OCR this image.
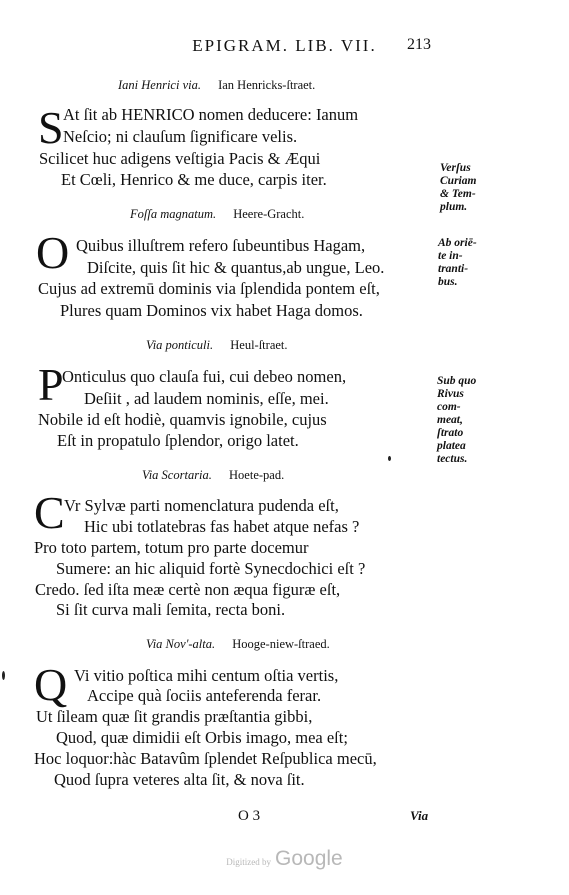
EPIGRAM. LIB. VII.	213
Iani Henrici via. Ian Henricks-ſtraet.
S At ſit ab HENRICO nomen deducere: Ianum
Neſcio; ni clauſum ſignificare velis.
Scilicet huc adigens veſtigia Pacis & Æqui
Et Cœli, Henrico & me duce, carpis iter.
Foſſa magnatum. Heere-Gracht.
O Quibus illuſtrem refero ſubeuntibus Hagam,
Diſcite, quis ſit hic & quantus,ab ungue, Leo.
Cujus ad extremū dominis via ſplendida pontem eſt,
Plures quam Dominos vix habet Haga domos.
Via ponticuli. Heul-ſtraet.
P
Onticulus quo clauſa fui, cui debeo nomen,
Deſiit , ad laudem nominis, eſſe, mei.
Nobile id eſt hodiè, quamvis ignobile, cujus
Eſt in propatulo ſplendor, origo latet.
Via Scortaria. Hoete-pad.
C Vr Sylvæ parti nomenclatura pudenda eſt,
Hic ubi totlatebras fas habet atque nefas ?
Pro toto partem, totum pro parte docemur
Sumere: an hic aliquid fortè Synecdochici eſt ?
Credo. ſed iſta meæ certè non æqua figuræ eſt,
Si ſit curva mali ſemita, recta boni.
Via Nov'-alta. Hooge-niew-ſtraed.
Q Vi vitio poſtica mihi centum oſtia vertis,
Accipe quà ſociis anteferenda ferar.
Ut ſileam quæ ſit grandis præſtantia gibbi,
Quod, quæ dimidii eſt Orbis imago, mea eſt;
Hoc loquor:hàc Batavûm ſplendet Reſpublica mecū,
Quod ſupra veteres alta ſit, & nova ſit.
Verſus
Curiam
& Tem-
plum.
Ab oriē-
te in-
tranti-
bus.
Sub quo
Rivus
com-
meat,
ſtrato
platea
tectus.
O 3	Via
Digitized by Google
